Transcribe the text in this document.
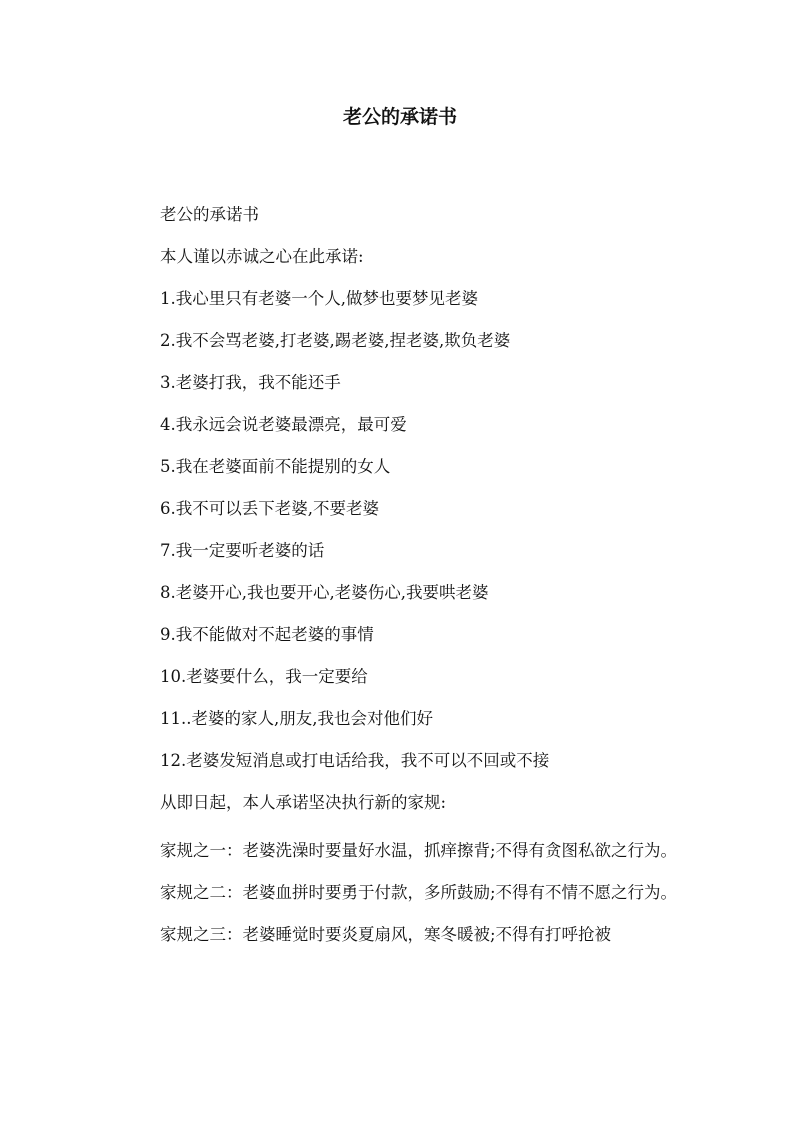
老公的承诺书

老公的承诺书

本人谨以赤诚之心在此承诺:

1.我心里只有老婆一个人,做梦也要梦见老婆

2.我不会骂老婆,打老婆,踢老婆,捏老婆,欺负老婆

3.老婆打我，我不能还手

4.我永远会说老婆最漂亮，最可爱

5.我在老婆面前不能提别的女人

6.我不可以丢下老婆,不要老婆

7.我一定要听老婆的话

8.老婆开心,我也要开心,老婆伤心,我要哄老婆

9.我不能做对不起老婆的事情

10.老婆要什么，我一定要给

11..老婆的家人,朋友,我也会对他们好

12.老婆发短消息或打电话给我，我不可以不回或不接

从即日起，本人承诺坚决执行新的家规:

家规之一：老婆洗澡时要量好水温，抓痒擦背;不得有贪图私欲之行为。

家规之二：老婆血拼时要勇于付款，多所鼓励;不得有不情不愿之行为。

家规之三：老婆睡觉时要炎夏扇风，寒冬暖被;不得有打呼抢被
